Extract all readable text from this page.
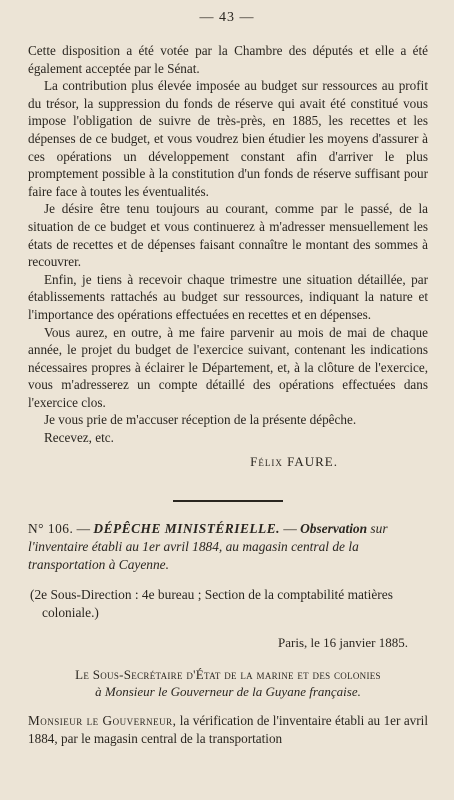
— 43 —

Cette disposition a été votée par la Chambre des députés et elle a été également acceptée par le Sénat.

La contribution plus élevée imposée au budget sur ressources au profit du trésor, la suppression du fonds de réserve qui avait été constitué vous impose l'obligation de suivre de très-près, en 1885, les recettes et les dépenses de ce budget, et vous voudrez bien étudier les moyens d'assurer à ces opérations un développement constant afin d'arriver le plus promptement possible à la constitution d'un fonds de réserve suffisant pour faire face à toutes les éventualités.

Je désire être tenu toujours au courant, comme par le passé, de la situation de ce budget et vous continuerez à m'adresser mensuellement les états de recettes et de dépenses faisant connaître le montant des sommes à recouvrer.

Enfin, je tiens à recevoir chaque trimestre une situation détaillée, par établissements rattachés au budget sur ressources, indiquant la nature et l'importance des opérations effectuées en recettes et en dépenses.

Vous aurez, en outre, à me faire parvenir au mois de mai de chaque année, le projet du budget de l'exercice suivant, contenant les indications nécessaires propres à éclairer le Département, et, à la clôture de l'exercice, vous m'adresserez un compte détaillé des opérations effectuées dans l'exercice clos.

Je vous prie de m'accuser réception de la présente dépêche.

Recevez, etc.

Félix FAURE.

N° 106. — DÉPÊCHE MINISTÉRIELLE. — Observation sur l'inventaire établi au 1er avril 1884, au magasin central de la transportation à Cayenne.

(2e Sous-Direction : 4e bureau ; Section de la comptabilité matières coloniale.)

Paris, le 16 janvier 1885.

Le Sous-Secrétaire d'État de la marine et des colonies

à Monsieur le Gouverneur de la Guyane française.

Monsieur le Gouverneur, la vérification de l'inventaire établi au 1er avril 1884, par le magasin central de la transportation
